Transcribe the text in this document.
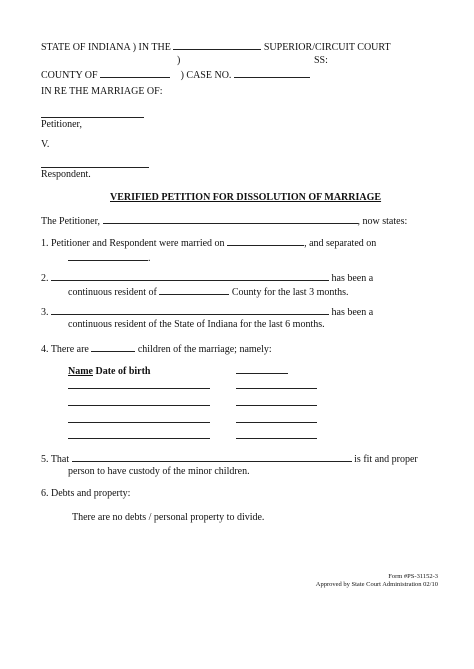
STATE OF INDIANA ) IN THE	SUPERIOR/CIRCUIT COURT
)	SS:
COUNTY OF	) CASE NO.
IN RE THE MARRIAGE OF:
Petitioner,
V.
Respondent.
VERIFIED PETITION FOR DISSOLUTION OF MARRIAGE
The Petitioner,	, now states:
1. Petitioner and Respondent were married on	, and separated on
.
2.	has been a
continuous resident of	County for the last 3 months.
3.	has been a
continuous resident of the State of Indiana for the last 6 months.
4. There are	children of the marriage; namely:
Name Date of birth
5. That	is fit and proper
person to have custody of the minor children.
6. Debts and property:
There are no debts / personal property to divide.
Form #PS-31152-3
Approved by State Court Administration 02/10
